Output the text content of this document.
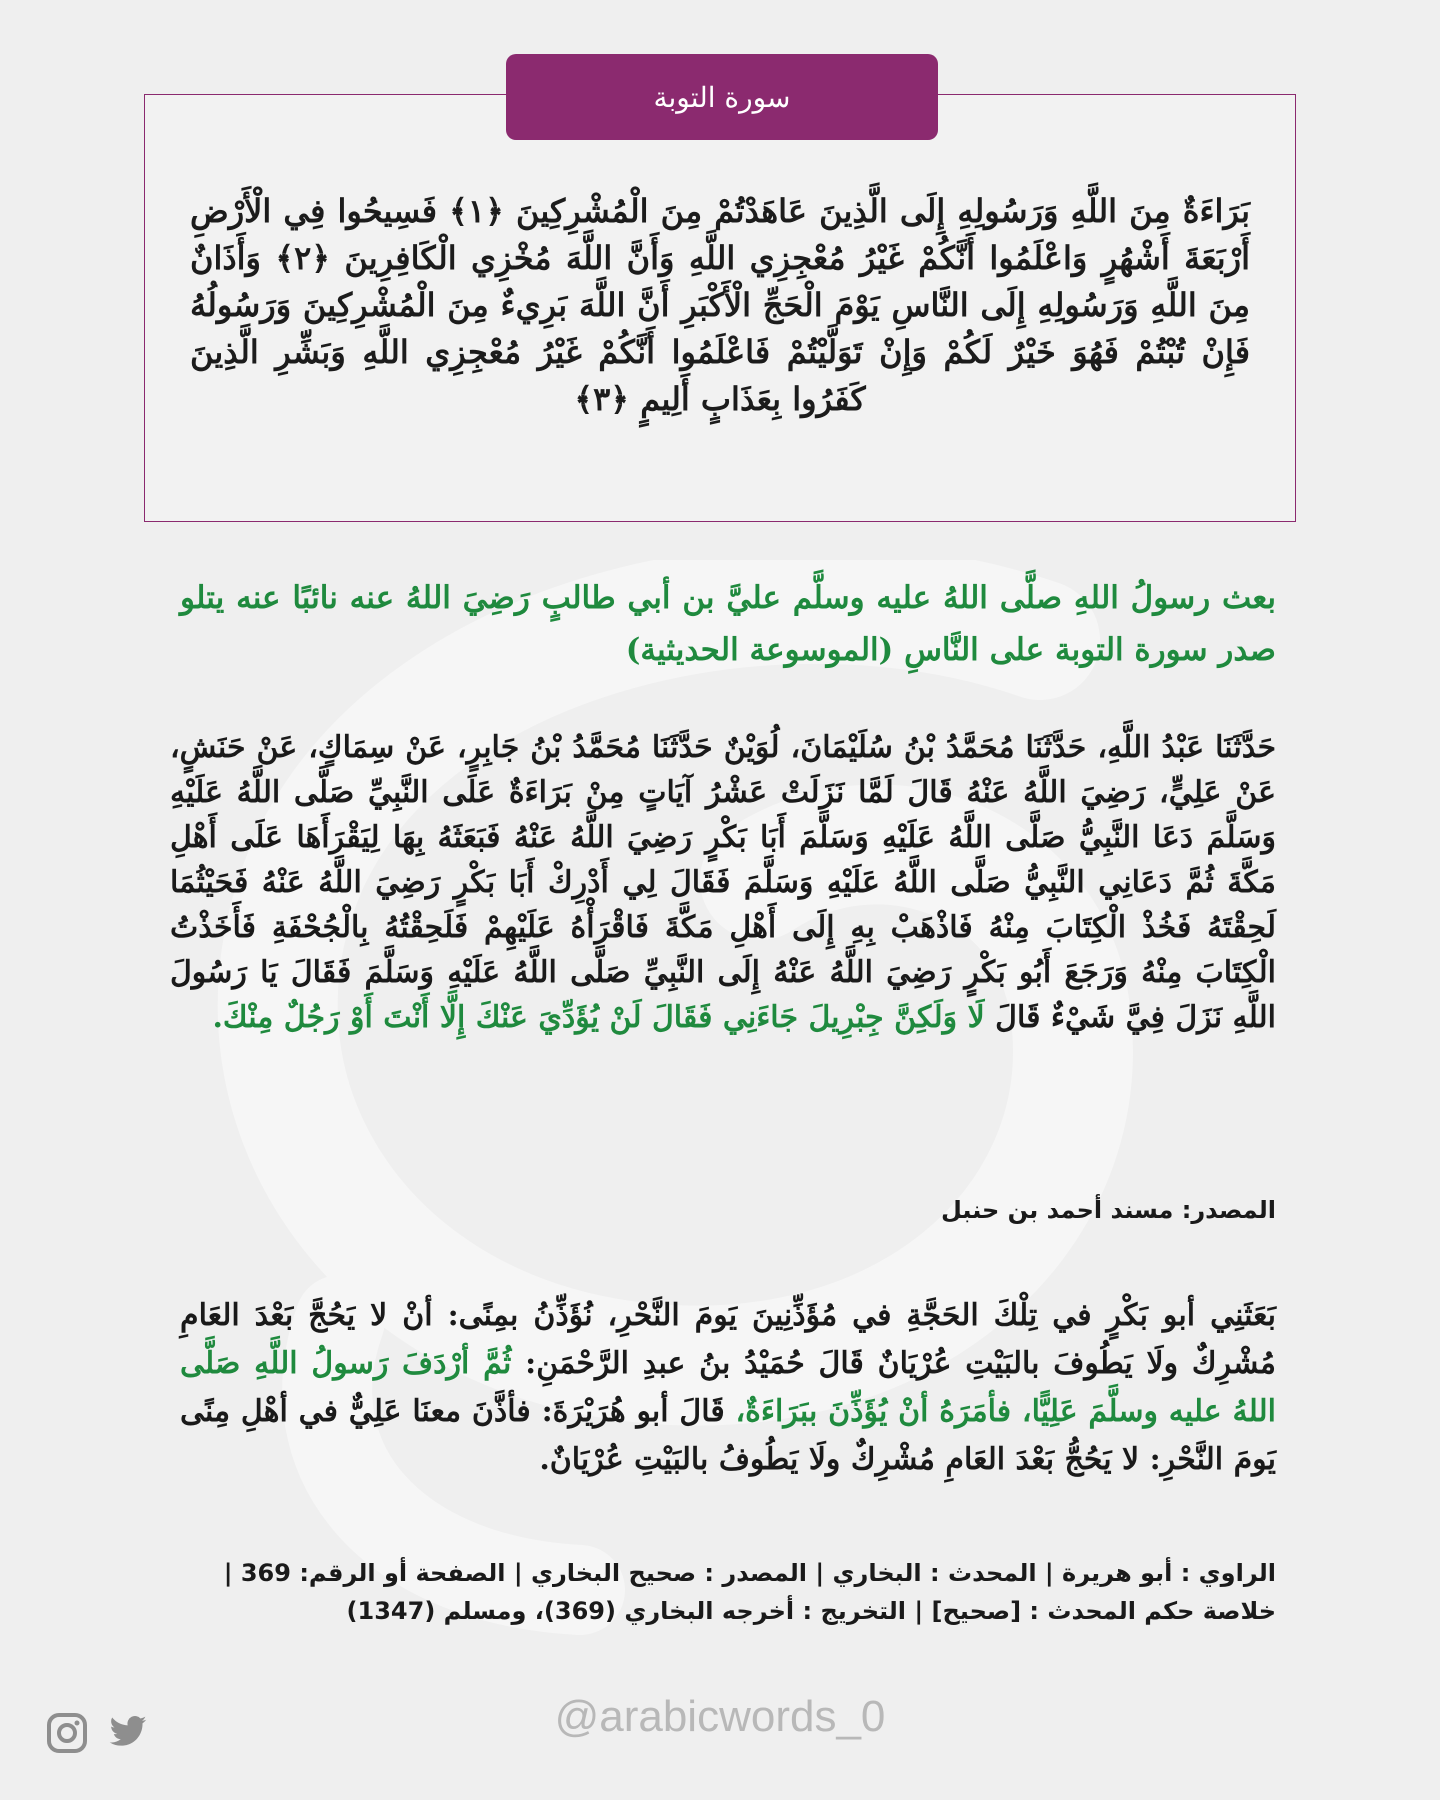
سورة التوبة
بَرَاءَةٌ مِنَ اللَّهِ وَرَسُولِهِ إِلَى الَّذِينَ عَاهَدْتُمْ مِنَ الْمُشْرِكِينَ ﴿١﴾ فَسِيحُوا فِي الْأَرْضِ أَرْبَعَةَ أَشْهُرٍ وَاعْلَمُوا أَنَّكُمْ غَيْرُ مُعْجِزِي اللَّهِ وَأَنَّ اللَّهَ مُخْزِي الْكَافِرِينَ ﴿٢﴾ وَأَذَانٌ مِنَ اللَّهِ وَرَسُولِهِ إِلَى النَّاسِ يَوْمَ الْحَجِّ الْأَكْبَرِ أَنَّ اللَّهَ بَرِيءٌ مِنَ الْمُشْرِكِينَ وَرَسُولُهُ فَإِنْ تُبْتُمْ فَهُوَ خَيْرٌ لَكُمْ وَإِنْ تَوَلَّيْتُمْ فَاعْلَمُوا أَنَّكُمْ غَيْرُ مُعْجِزِي اللَّهِ وَبَشِّرِ الَّذِينَ كَفَرُوا بِعَذَابٍ أَلِيمٍ ﴿٣﴾
بعث رسولُ اللهِ صلَّى اللهُ عليه وسلَّم عليَّ بن أبي طالبٍ رَضِيَ اللهُ عنه نائبًا عنه يتلو صدر سورة التوبة على النَّاسِ (الموسوعة الحديثية)
حَدَّثَنَا عَبْدُ اللَّهِ، حَدَّثَنَا مُحَمَّدُ بْنُ سُلَيْمَانَ، لُوَيْنٌ حَدَّثَنَا مُحَمَّدُ بْنُ جَابِرٍ، عَنْ سِمَاكٍ، عَنْ حَنَشٍ، عَنْ عَلِيٍّ، رَضِيَ اللَّهُ عَنْهُ قَالَ لَمَّا نَزَلَتْ عَشْرُ آيَاتٍ مِنْ بَرَاءَةٌ عَلَى النَّبِيِّ صَلَّى اللَّهُ عَلَيْهِ وَسَلَّمَ دَعَا النَّبِيُّ صَلَّى اللَّهُ عَلَيْهِ وَسَلَّمَ أَبَا بَكْرٍ رَضِيَ اللَّهُ عَنْهُ فَبَعَثَهُ بِهَا لِيَقْرَأَهَا عَلَى أَهْلِ مَكَّةَ ثُمَّ دَعَانِي النَّبِيُّ صَلَّى اللَّهُ عَلَيْهِ وَسَلَّمَ فَقَالَ لِي أَدْرِكْ أَبَا بَكْرٍ رَضِيَ اللَّهُ عَنْهُ فَحَيْثُمَا لَحِقْتَهُ فَخُذْ الْكِتَابَ مِنْهُ فَاذْهَبْ بِهِ إِلَى أَهْلِ مَكَّةَ فَاقْرَأْهُ عَلَيْهِمْ فَلَحِقْتُهُ بِالْجُحْفَةِ فَأَخَذْتُ الْكِتَابَ مِنْهُ وَرَجَعَ أَبُو بَكْرٍ رَضِيَ اللَّهُ عَنْهُ إِلَى النَّبِيِّ صَلَّى اللَّهُ عَلَيْهِ وَسَلَّمَ فَقَالَ يَا رَسُولَ اللَّهِ نَزَلَ فِيَّ شَيْءٌ قَالَ لَا وَلَكِنَّ جِبْرِيلَ جَاءَنِي فَقَالَ لَنْ يُؤَدِّيَ عَنْكَ إِلَّا أَنْتَ أَوْ رَجُلٌ مِنْكَ.
المصدر: مسند أحمد بن حنبل
بَعَثَنِي أبو بَكْرٍ في تِلْكَ الحَجَّةِ في مُؤَذِّنِينَ يَومَ النَّحْرِ، نُؤَذِّنُ بمِنًى: أنْ لا يَحُجَّ بَعْدَ العَامِ مُشْرِكٌ ولَا يَطُوفَ بالبَيْتِ عُرْيَانٌ قَالَ حُمَيْدُ بنُ عبدِ الرَّحْمَنِ: ثُمَّ أرْدَفَ رَسولُ اللَّهِ صَلَّى اللهُ عليه وسلَّمَ عَلِيًّا، فأمَرَهُ أنْ يُؤَذِّنَ ببَرَاءَةٌ، قَالَ أبو هُرَيْرَةَ: فأذَّنَ معنَا عَلِيٌّ في أهْلِ مِنًى يَومَ النَّحْرِ: لا يَحُجُّ بَعْدَ العَامِ مُشْرِكٌ ولَا يَطُوفُ بالبَيْتِ عُرْيَانٌ.
الراوي : أبو هريرة | المحدث : البخاري | المصدر : صحيح البخاري | الصفحة أو الرقم: 369 |
خلاصة حكم المحدث : [صحيح] | التخريج : أخرجه البخاري (369)، ومسلم (1347)
@arabicwords_0
